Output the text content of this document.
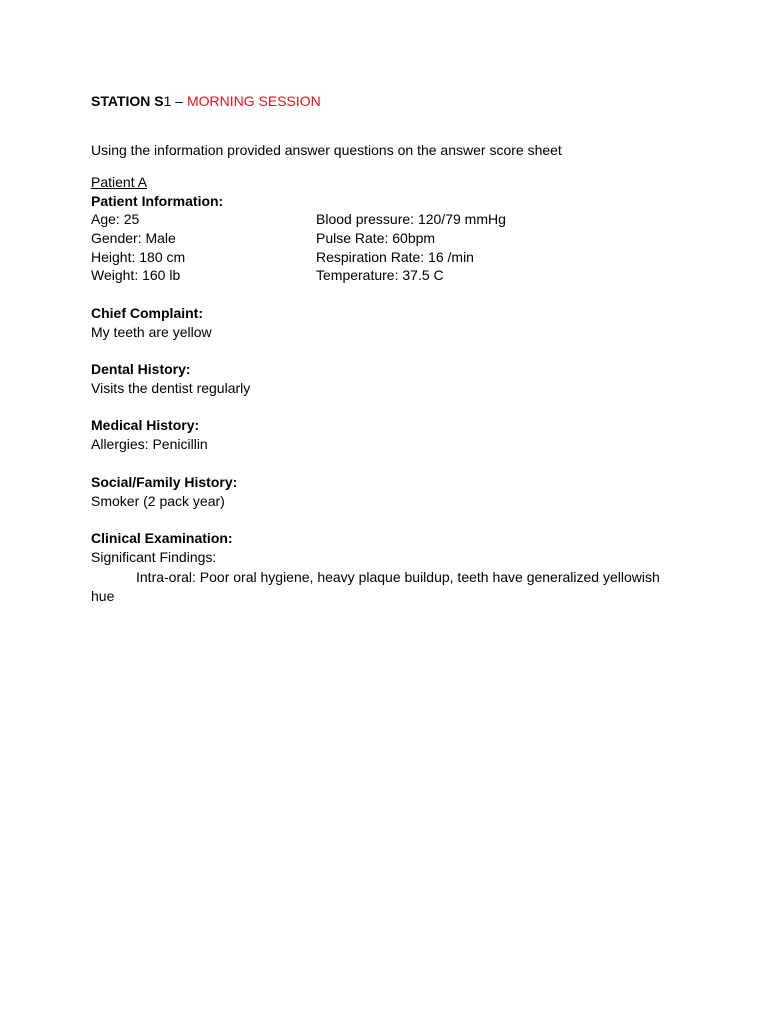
STATION S1 – MORNING SESSION
Using the information provided answer questions on the answer score sheet
Patient A
Patient Information:
Age: 25
Gender: Male
Height: 180 cm
Weight: 160 lb
Blood pressure: 120/79 mmHg
Pulse Rate: 60bpm
Respiration Rate: 16 /min
Temperature: 37.5 C
Chief Complaint:
My teeth are yellow
Dental History:
Visits the dentist regularly
Medical History:
Allergies: Penicillin
Social/Family History:
Smoker (2 pack year)
Clinical Examination:
Significant Findings:
Intra-oral: Poor oral hygiene, heavy plaque buildup, teeth have generalized yellowish
hue
